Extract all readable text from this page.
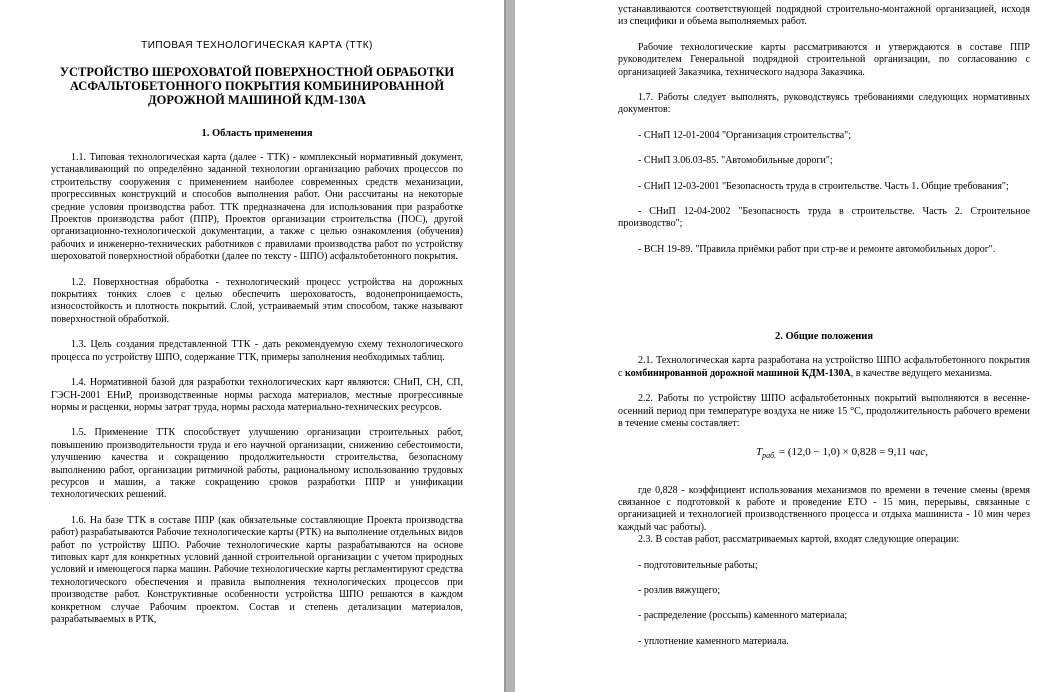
ТИПОВАЯ ТЕХНОЛОГИЧЕСКАЯ КАРТА (ТТК)
УСТРОЙСТВО ШЕРОХОВАТОЙ ПОВЕРХНОСТНОЙ ОБРАБОТКИ АСФАЛЬТОБЕТОННОГО ПОКРЫТИЯ КОМБИНИРОВАННОЙ ДОРОЖНОЙ МАШИНОЙ КДМ-130А
1. Область применения

1.1. Типовая технологическая карта (далее - ТТК) - комплексный нормативный документ, устанавливающий по определённо заданной технологии организацию рабочих процессов по строительству сооружения с применением наиболее современных средств механизации, прогрессивных конструкций и способов выполнения работ. Они рассчитаны на некоторые средние условия производства работ. ТТК предназначена для использования при разработке Проектов производства работ (ППР), Проектов организации строительства (ПОС), другой организационно-технологической документации, а также с целью ознакомления (обучения) рабочих и инженерно-технических работников с правилами производства работ по устройству шероховатой поверхностной обработки (далее по тексту - ШПО) асфальтобетонного покрытия.

1.2. Поверхностная обработка - технологический процесс устройства на дорожных покрытиях тонких слоев с целью обеспечить шероховатость, водонепроницаемость, износостойкость и плотность покрытий. Слой, устраиваемый этим способом, также называют поверхностной обработкой.

1.3. Цель создания представленной ТТК - дать рекомендуемую схему технологического процесса по устройству ШПО, содержание ТТК, примеры заполнения необходимых таблиц.

1.4. Нормативной базой для разработки технологических карт являются: СНиП, СН, СП, ГЭСН-2001 ЕНиР, производственные нормы расхода материалов, местные прогрессивные нормы и расценки, нормы затрат труда, нормы расхода материально-технических ресурсов.

1.5. Применение ТТК способствует улучшению организации строительных работ, повышению производительности труда и его научной организации, снижению себестоимости, улучшению качества и сокращению продолжительности строительства, безопасному выполнению работ, организации ритмичной работы, рациональному использованию трудовых ресурсов и машин, а также сокращению сроков разработки ППР и унификации технологических решений.

1.6. На базе ТТК в составе ППР (как обязательные составляющие Проекта производства работ) разрабатываются Рабочие технологические карты (РТК) на выполнение отдельных видов работ по устройству ШПО. Рабочие технологические карты разрабатываются на основе типовых карт для конкретных условий данной строительной организации с учетом природных условий и имеющегося парка машин. Рабочие технологические карты регламентируют средства технологического обеспечения и правила выполнения технологических процессов при производстве работ. Конструктивные особенности устройства ШПО решаются в каждом конкретном случае Рабочим проектом. Состав и степень детализации материалов, разрабатываемых в РТК,

устанавливаются соответствующей подрядной строительно-монтажной организацией, исходя из специфики и объема выполняемых работ.

Рабочие технологические карты рассматриваются и утверждаются в составе ППР руководителем Генеральной подрядной строительной организации, по согласованию с организацией Заказчика, технического надзора Заказчика.

1.7. Работы следует выполнять, руководствуясь требованиями следующих нормативных документов:

- СНиП 12-01-2004 "Организация строительства";
- СНиП 3.06.03-85. "Автомобильные дороги";
- СНиП 12-03-2001 "Безопасность труда в строительстве. Часть 1. Общие требования";
- СНиП 12-04-2002 "Безопасность труда в строительстве. Часть 2. Строительное производство";
- ВСН 19-89. "Правила приёмки работ при стр-ве и ремонте автомобильных дорог".
2. Общие положения

2.1. Технологическая карта разработана на устройство ШПО асфальтобетонного покрытия с комбинированной дорожной машиной КДМ-130А, в качестве ведущего механизма.

2.2. Работы по устройству ШПО асфальтобетонных покрытий выполняются в весенне-осенний период при температуре воздуха не ниже 15 °С, продолжительность рабочего времени в течение смены составляет:

$T_{раб.} = (12,0 - 1,0) \times 0,828 = 9,11$ час,

где 0,828 - коэффициент использования механизмов по времени в течение смены (время связанное с подготовкой к работе и проведение ЕТО - 15 мин, перерывы, связанные с организацией и технологией производственного процесса и отдыха машиниста - 10 мин через каждый час работы).

2.3. В состав работ, рассматриваемых картой, входят следующие операции:

- подготовительные работы;
- розлив вяжущего;
- распределение (россыпь) каменного материала;
- уплотнение каменного материала.
